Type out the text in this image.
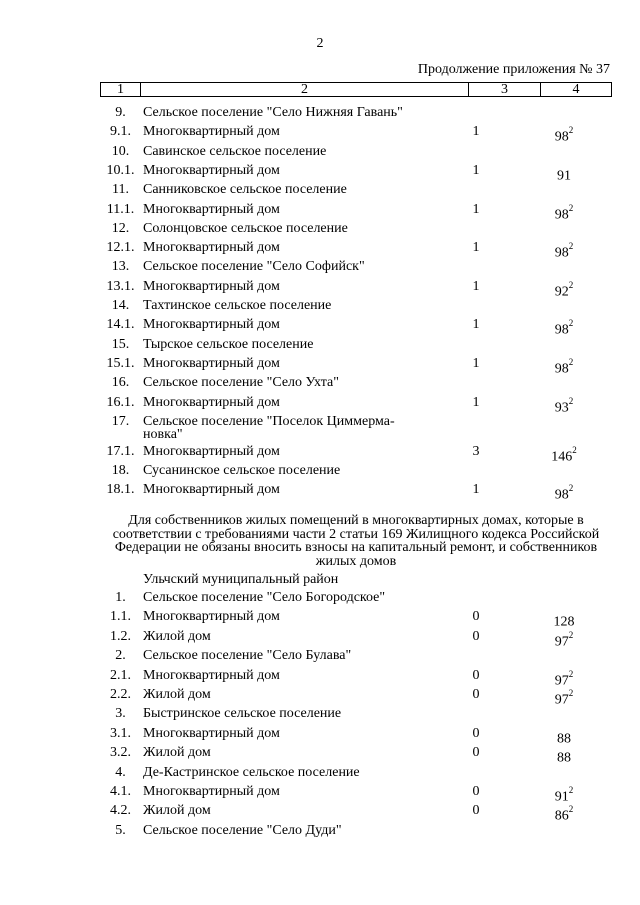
2
Продолжение приложения № 37
1	2	3	4
9.	Сельское поселение "Село Нижняя Гавань"
9.1. Многоквартирный дом	1	$98^2$
10. Савинское сельское поселение
10.1. Многоквартирный дом	1	91
11.	Санниковское сельское поселение
11.1. Многоквартирный дом	1	$98^2$
12. Солонцовское сельское поселение
12.1. Многоквартирный дом	1	$98^2$
13. Сельское поселение "Село Софийск"
13.1. Многоквартирный дом	1	$92^2$
14. Тахтинское сельское поселение
14.1. Многоквартирный дом	1	$98^2$
15. Тырское сельское поселение
15.1. Многоквартирный дом	1	$98^2$
16. Сельское поселение "Село Ухта"
16.1. Многоквартирный дом	1	$93^2$
17. Сельское поселение "Поселок Циммерма-новка"
17.1. Многоквартирный дом	3	$146^2$
18. Сусанинское сельское поселение
18.1. Многоквартирный дом	1	$98^2$
Для собственников жилых помещений в многоквартирных домах, которые в соответствии с требованиями части 2 статьи 169 Жилищного кодекса Российской Федерации не обязаны вносить взносы на капитальный ремонт, и собственников жилых домов
Ульчский муниципальный район
1.	Сельское поселение "Село Богородское"
1.1. Многоквартирный дом	0	128
1.2. Жилой дом	0	$97^2$
2.	Сельское поселение "Село Булава"
2.1. Многоквартирный дом	0	$97^2$
2.2. Жилой дом	0	$97^2$
3.	Быстринское сельское поселение
3.1. Многоквартирный дом	0	88
3.2. Жилой дом	0	88
4.	Де-Кастринское сельское поселение
4.1. Многоквартирный дом	0	$91^2$
4.2. Жилой дом	0	$86^2$
5.	Сельское поселение "Село Дуди"
